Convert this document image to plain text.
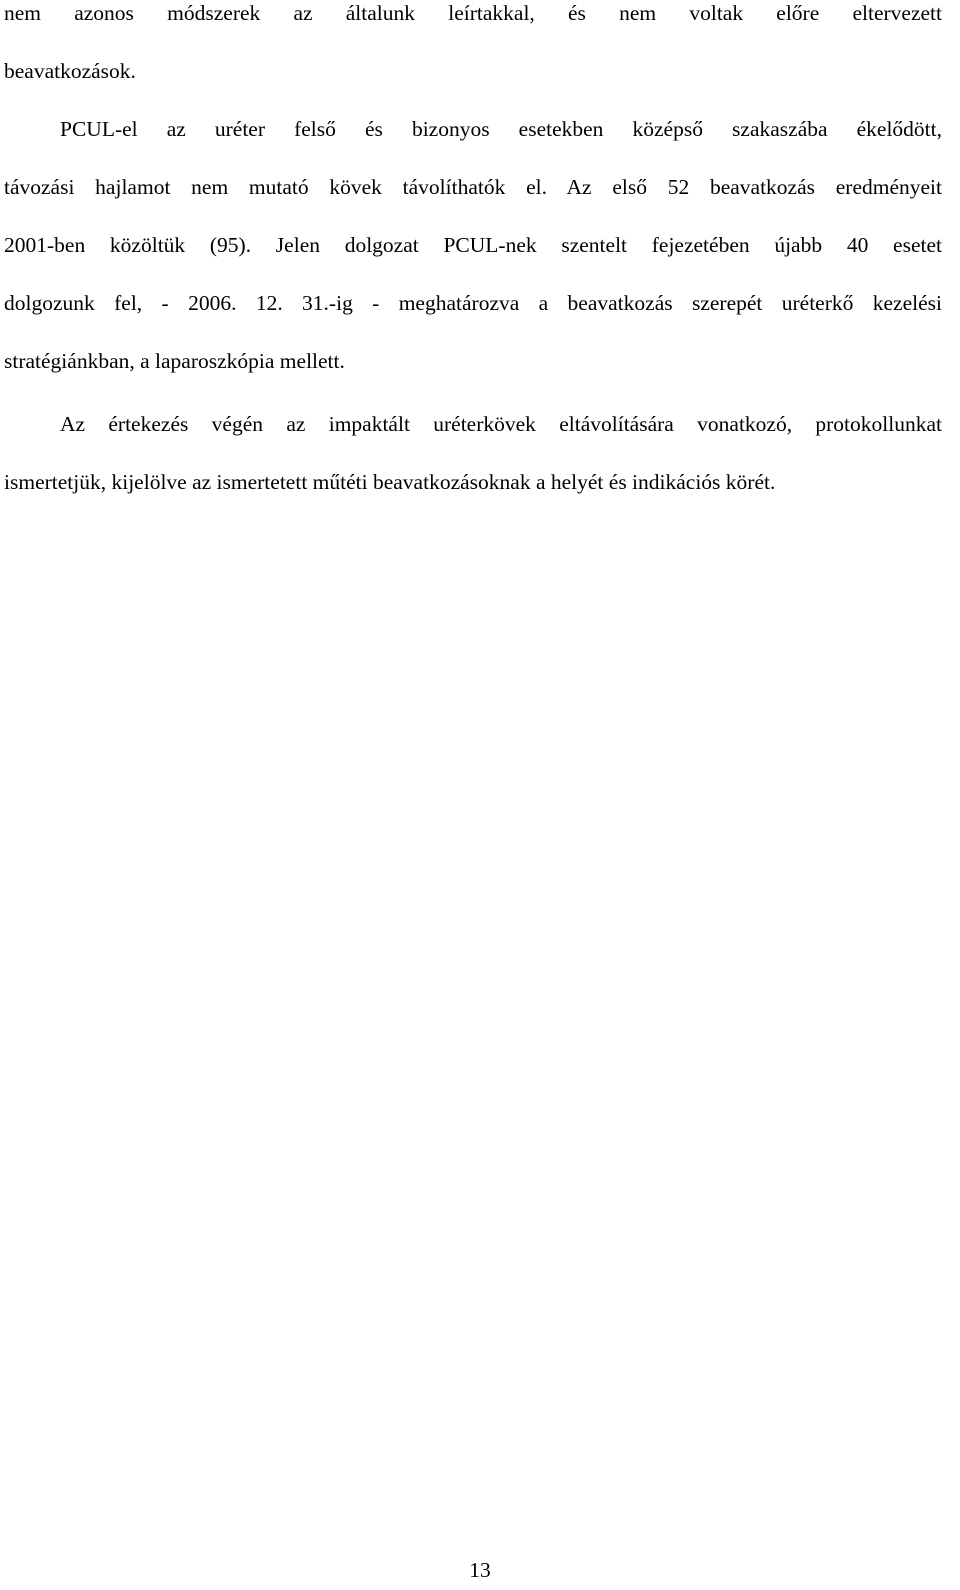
nem azonos módszerek az általunk leírtakkal, és nem voltak előre eltervezett
beavatkozások.
PCUL-el az uréter felső és bizonyos esetekben középső szakaszába ékelődött,
távozási hajlamot nem mutató kövek távolíthatók el. Az első 52 beavatkozás eredményeit
2001-ben közöltük (95). Jelen dolgozat PCUL-nek szentelt fejezetében újabb 40 esetet
dolgozunk fel, - 2006. 12. 31.-ig - meghatározva a beavatkozás szerepét uréterkő kezelési
stratégiánkban, a laparoszkópia mellett.
Az értekezés végén az impaktált uréterkövek eltávolítására vonatkozó, protokollunkat
ismertetjük, kijelölve az ismertetett műtéti beavatkozásoknak a helyét és indikációs körét.
13
